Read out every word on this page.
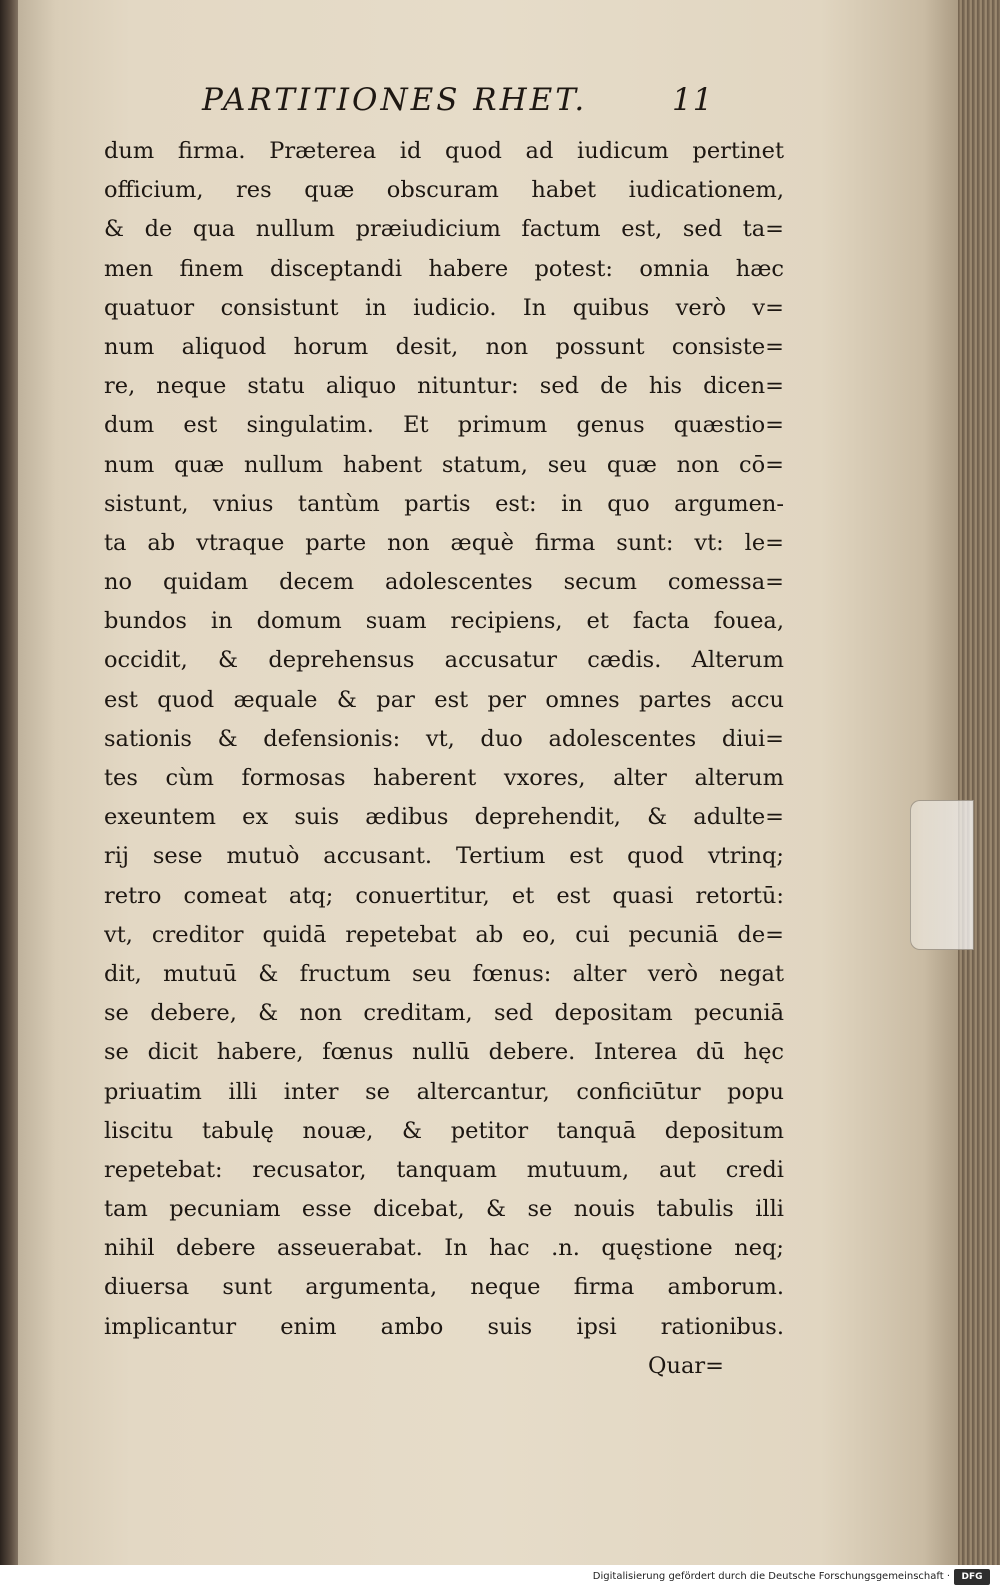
PARTITIONES RHET.	11
dum firma. Præterea id quod ad iudicum pertinet
officium, res quæ obscuram habet iudicationem,
& de qua nullum præiudicium factum est, sed ta=
men finem disceptandi habere potest: omnia hæc
quatuor consistunt in iudicio. In quibus verò v=
num aliquod horum desit, non possunt consiste=
re, neque statu aliquo nituntur: sed de his dicen=
dum est singulatim. Et primum genus quæstio=
num quæ nullum habent statum, seu quæ non cō=
sistunt, vnius tantùm partis est: in quo argumen-
ta ab vtraque parte non æquè firma sunt: vt: le=
no quidam decem adolescentes secum comessa=
bundos in domum suam recipiens, et facta fouea,
occidit, & deprehensus accusatur cædis. Alterum
est quod æquale & par est per omnes partes accu
sationis & defensionis: vt, duo adolescentes diui=
tes cùm formosas haberent vxores, alter alterum
exeuntem ex suis ædibus deprehendit, & adulte=
rij sese mutuò accusant. Tertium est quod vtrinq;
retro comeat atq; conuertitur, et est quasi retortū:
vt, creditor quidā repetebat ab eo, cui pecuniā de=
dit, mutuū & fructum seu fœnus: alter verò negat
se debere, & non creditam, sed depositam pecuniā
se dicit habere, fœnus nullū debere. Interea dū hęc
priuatim illi inter se altercantur, conficiūtur popu
liscitu tabulę nouæ, & petitor tanquā depositum
repetebat: recusator, tanquam mutuum, aut credi
tam pecuniam esse dicebat, & se nouis tabulis illi
nihil debere asseuerabat. In hac .n. quęstione neq;
diuersa sunt argumenta, neque firma amborum.
implicantur enim ambo suis ipsi rationibus.
Quar=
Digitalisierung gefördert durch die Deutsche Forschungsgemeinschaft ·	DFG
